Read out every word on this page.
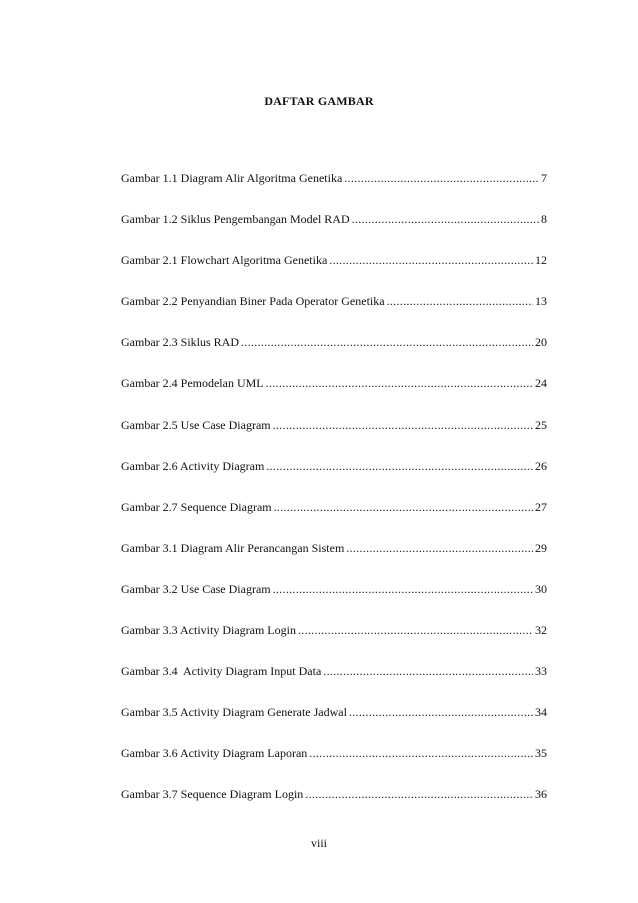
DAFTAR GAMBAR
Gambar 1.1 Diagram Alir Algoritma Genetika .....	7
Gambar 1.2 Siklus Pengembangan Model RAD .....	8
Gambar 2.1 Flowchart Algoritma Genetika .....	12
Gambar 2.2 Penyandian Biner Pada Operator Genetika .....	13
Gambar 2.3 Siklus RAD .....	20
Gambar 2.4 Pemodelan UML .....	24
Gambar 2.5 Use Case Diagram .....	25
Gambar 2.6 Activity Diagram .....	26
Gambar 2.7 Sequence Diagram .....	27
Gambar 3.1 Diagram Alir Perancangan Sistem .....	29
Gambar 3.2 Use Case Diagram .....	30
Gambar 3.3 Activity Diagram Login .....	32
Gambar 3.4  Activity Diagram Input Data .....	33
Gambar 3.5 Activity Diagram Generate Jadwal .....	34
Gambar 3.6 Activity Diagram Laporan .....	35
Gambar 3.7 Sequence Diagram Login .....	36
viii
